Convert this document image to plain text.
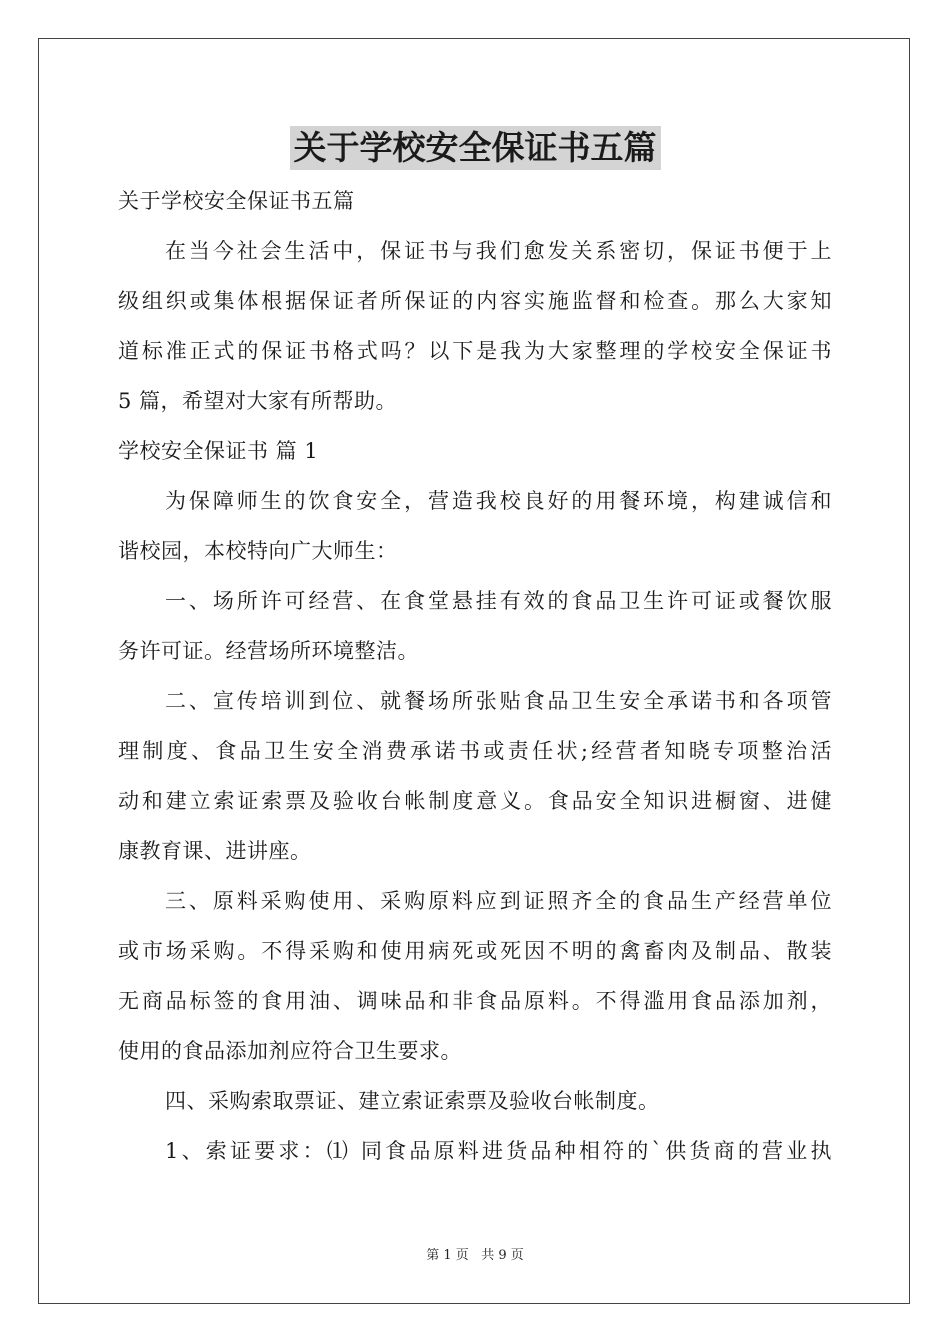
关于学校安全保证书五篇
关于学校安全保证书五篇
在当今社会生活中，保证书与我们愈发关系密切，保证书便于上
级组织或集体根据保证者所保证的内容实施监督和检查。那么大家知
道标准正式的保证书格式吗？以下是我为大家整理的学校安全保证书
5 篇，希望对大家有所帮助。
学校安全保证书 篇 1
为保障师生的饮食安全，营造我校良好的用餐环境，构建诚信和
谐校园，本校特向广大师生：
一、场所许可经营、在食堂悬挂有效的食品卫生许可证或餐饮服
务许可证。经营场所环境整洁。
二、宣传培训到位、就餐场所张贴食品卫生安全承诺书和各项管
理制度、食品卫生安全消费承诺书或责任状;经营者知晓专项整治活
动和建立索证索票及验收台帐制度意义。食品安全知识进橱窗、进健
康教育课、进讲座。
三、原料采购使用、采购原料应到证照齐全的食品生产经营单位
或市场采购。不得采购和使用病死或死因不明的禽畜肉及制品、散装
无商品标签的食用油、调味品和非食品原料。不得滥用食品添加剂，
使用的食品添加剂应符合卫生要求。
四、采购索取票证、建立索证索票及验收台帐制度。
1、索证要求：⑴ 同食品原料进货品种相符的`供货商的营业执
第 1 页 共 9 页
